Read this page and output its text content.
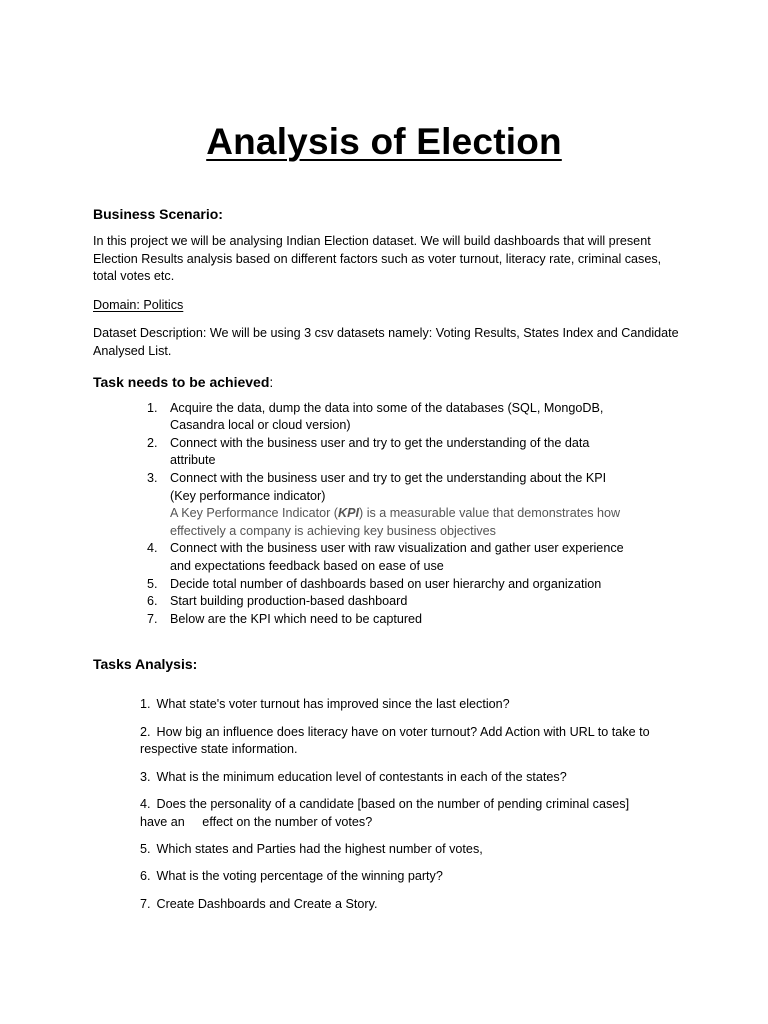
Analysis of Election
Business Scenario:

In this project we will be analysing Indian Election dataset. We will build dashboards that will present Election Results analysis based on different factors such as voter turnout, literacy rate, criminal cases, total votes etc.

Domain: Politics

Dataset Description: We will be using 3 csv datasets namely: Voting Results, States Index and Candidate Analysed List.

Task needs to be achieved:
1. Acquire the data, dump the data into some of the databases (SQL, MongoDB,
Casandra local or cloud version)
2. Connect with the business user and try to get the understanding of the data
attribute
3. Connect with the business user and try to get the understanding about the KPI
(Key performance indicator)
A Key Performance Indicator (KPI) is a measurable value that demonstrates how
effectively a company is achieving key business objectives
4. Connect with the business user with raw visualization and gather user experience
and expectations feedback based on ease of use
5. Decide total number of dashboards based on user hierarchy and organization
6. Start building production-based dashboard
7. Below are the KPI which need to be captured
Tasks Analysis:

1. What state's voter turnout has improved since the last election?

2. How big an influence does literacy have on voter turnout? Add Action with URL to take to
respective state information.

3. What is the minimum education level of contestants in each of the states?

4. Does the personality of a candidate [based on the number of pending criminal cases]
have an     effect on the number of votes?

5. Which states and Parties had the highest number of votes,

6. What is the voting percentage of the winning party?

7. Create Dashboards and Create a Story.
